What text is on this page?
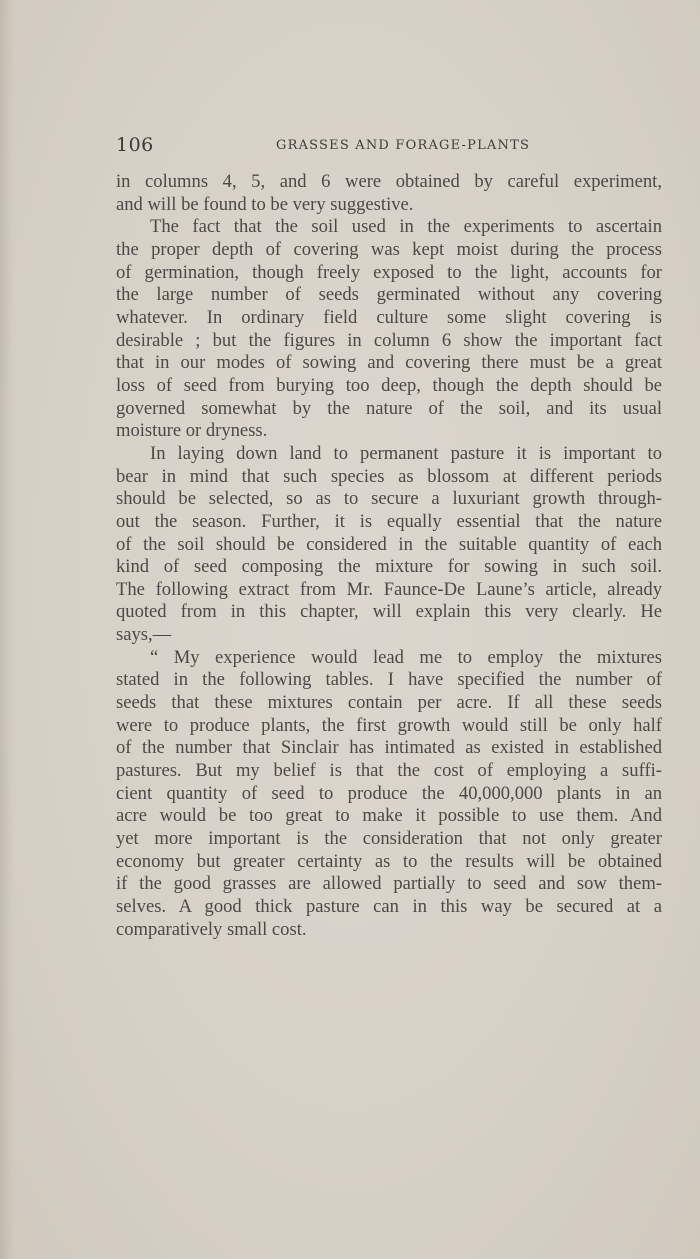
106	GRASSES AND FORAGE-PLANTS
in columns 4, 5, and 6 were obtained by careful experiment,
and will be found to be very suggestive.
The fact that the soil used in the experiments to ascertain
the proper depth of covering was kept moist during the process
of germination, though freely exposed to the light, accounts for
the large number of seeds germinated without any covering
whatever. In ordinary field culture some slight covering is
desirable ; but the figures in column 6 show the important fact
that in our modes of sowing and covering there must be a great
loss of seed from burying too deep, though the depth should be
governed somewhat by the nature of the soil, and its usual
moisture or dryness.
In laying down land to permanent pasture it is important to
bear in mind that such species as blossom at different periods
should be selected, so as to secure a luxuriant growth through-
out the season. Further, it is equally essential that the nature
of the soil should be considered in the suitable quantity of each
kind of seed composing the mixture for sowing in such soil.
The following extract from Mr. Faunce-De Laune’s article, already
quoted from in this chapter, will explain this very clearly. He
says,—
“ My experience would lead me to employ the mixtures
stated in the following tables. I have specified the number of
seeds that these mixtures contain per acre. If all these seeds
were to produce plants, the first growth would still be only half
of the number that Sinclair has intimated as existed in established
pastures. But my belief is that the cost of employing a suffi-
cient quantity of seed to produce the 40,000,000 plants in an
acre would be too great to make it possible to use them. And
yet more important is the consideration that not only greater
economy but greater certainty as to the results will be obtained
if the good grasses are allowed partially to seed and sow them-
selves. A good thick pasture can in this way be secured at a
comparatively small cost.
